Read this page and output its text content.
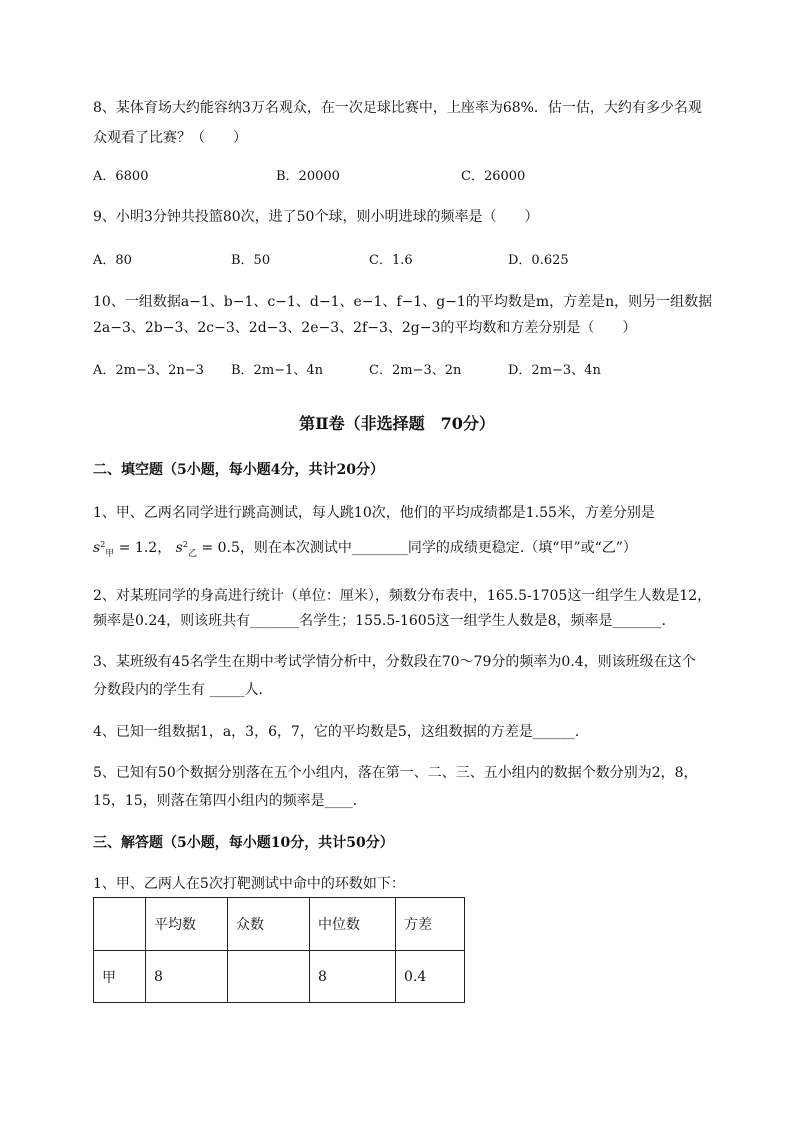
8、某体育场大约能容纳3万名观众，在一次足球比赛中，上座率为68%．估一估，大约有多少名观
众观看了比赛？（　　）
A．6800	B．20000	C．26000
9、小明3分钟共投篮80次，进了50个球，则小明进球的频率是（　　）
A．80	B．50	C．1.6	D．0.625
10、一组数据a−1、b−1、c−1、d−1、e−1、f−1、g−1的平均数是m，方差是n，则另一组数据
2a−3、2b−3、2c−3、2d−3、2e−3、2f−3、2g−3的平均数和方差分别是（　　）
A．2m−3、2n−3 B．2m−1、4n	C．2m−3、2n	D．2m−3、4n
第Ⅱ卷（非选择题　70分）
二、填空题（5小题，每小题4分，共计20分）
1、甲、乙两名同学进行跳高测试，每人跳10次，他们的平均成绩都是1.55米，方差分别是
$s^2_甲 = 1.2$， $s^2_乙 = 0.5$，则在本次测试中________同学的成绩更稳定.（填“甲”或“乙”）
2、对某班同学的身高进行统计（单位：厘米），频数分布表中，165.5-1705这一组学生人数是12，
频率是0.24，则该班共有_______名学生；155.5-1605这一组学生人数是8，频率是_______.
3、某班级有45名学生在期中考试学情分析中，分数段在70～79分的频率为0.4，则该班级在这个
分数段内的学生有 _____人．
4、已知一组数据1，a，3，6，7，它的平均数是5，这组数据的方差是______.
5、已知有50个数据分别落在五个小组内，落在第一、二、三、五小组内的数据个数分别为2，8，
15，15，则落在第四小组内的频率是____.
三、解答题（5小题，每小题10分，共计50分）
1、甲、乙两人在5次打靶测试中命中的环数如下：
	平均数	众数	中位数	方差
甲	8		8	0.4
